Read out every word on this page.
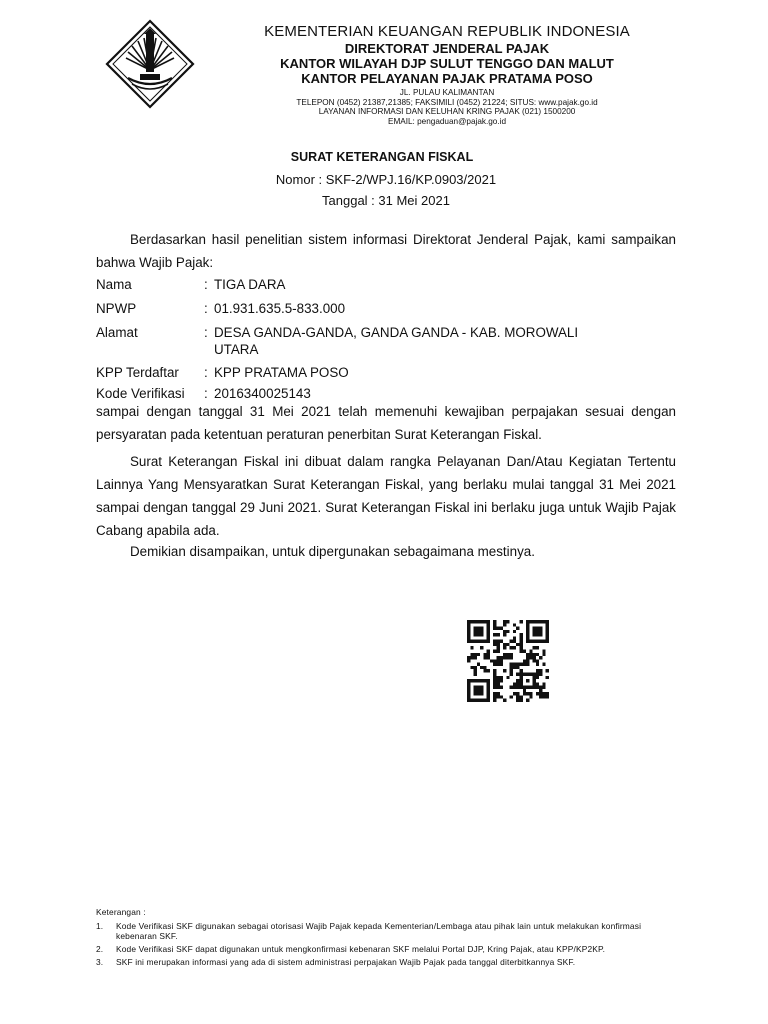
KEMENTERIAN KEUANGAN REPUBLIK INDONESIA
DIREKTORAT JENDERAL PAJAK
KANTOR WILAYAH DJP SULUT TENGGO DAN MALUT
KANTOR PELAYANAN PAJAK PRATAMA POSO
JL. PULAU KALIMANTAN
TELEPON (0452) 21387,21385; FAKSIMILI (0452) 21224; SITUS: www.pajak.go.id
LAYANAN INFORMASI DAN KELUHAN KRING PAJAK (021) 1500200
EMAIL: pengaduan@pajak.go.id
SURAT KETERANGAN FISKAL
Nomor : SKF-2/WPJ.16/KP.0903/2021
Tanggal : 31 Mei 2021
Berdasarkan hasil penelitian sistem informasi Direktorat Jenderal Pajak, kami sampaikan bahwa Wajib Pajak:
Nama	: TIGA DARA
NPWP	: 01.931.635.5-833.000
Alamat	: DESA GANDA-GANDA, GANDA GANDA - KAB. MOROWALI UTARA
KPP Terdaftar	: KPP PRATAMA POSO
Kode Verifikasi	: 2016340025143
sampai dengan tanggal 31 Mei 2021 telah memenuhi kewajiban perpajakan sesuai dengan persyaratan pada ketentuan peraturan penerbitan Surat Keterangan Fiskal.
Surat Keterangan Fiskal ini dibuat dalam rangka Pelayanan Dan/Atau Kegiatan Tertentu Lainnya Yang Mensyaratkan Surat Keterangan Fiskal, yang berlaku mulai tanggal 31 Mei 2021 sampai dengan tanggal 29 Juni 2021. Surat Keterangan Fiskal ini berlaku juga untuk Wajib Pajak Cabang apabila ada.
Demikian disampaikan, untuk dipergunakan sebagaimana mestinya.
Keterangan :
1.	Kode Verifikasi SKF digunakan sebagai otorisasi Wajib Pajak kepada Kementerian/Lembaga atau pihak lain untuk melakukan konfirmasi kebenaran SKF.
2.	Kode Verifikasi SKF dapat digunakan untuk mengkonfirmasi kebenaran SKF melalui Portal DJP, Kring Pajak, atau KPP/KP2KP.
3.	SKF ini merupakan informasi yang ada di sistem administrasi perpajakan Wajib Pajak pada tanggal diterbitkannya SKF.
